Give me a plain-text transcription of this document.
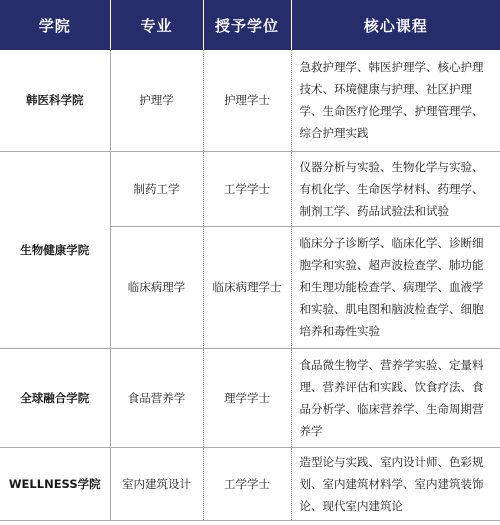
学院	专业	授予学位	核心课程
韩医科学院	护理学	护理学士	急救护理学、韩医护理学、核心护理技术、环境健康与护理、社区护理学、生命医疗伦理学、护理管理学、综合护理实践
生物健康学院	制药工学	工学学士	仪器分析与实验、生物化学与实验、有机化学、生命医学材料、药理学、制剂工学、药品试验法和试验
	临床病理学	临床病理学士	临床分子诊断学、临床化学、诊断细胞学和实验、超声波检查学、肺功能和生理功能检查学、病理学、血液学和实验、肌电图和脑波检查学、细胞培养和毒性实验
全球融合学院	食品营养学	理学学士	食品微生物学、营养学实验、定量料理、营养评估和实践、饮食疗法、食品分析学、临床营养学、生命周期营养学
WELLNESS学院	室内建筑设计	工学学士	造型论与实践、室内设计师、色彩规划、室内建筑材料学、室内建筑装饰论、现代室内建筑论
